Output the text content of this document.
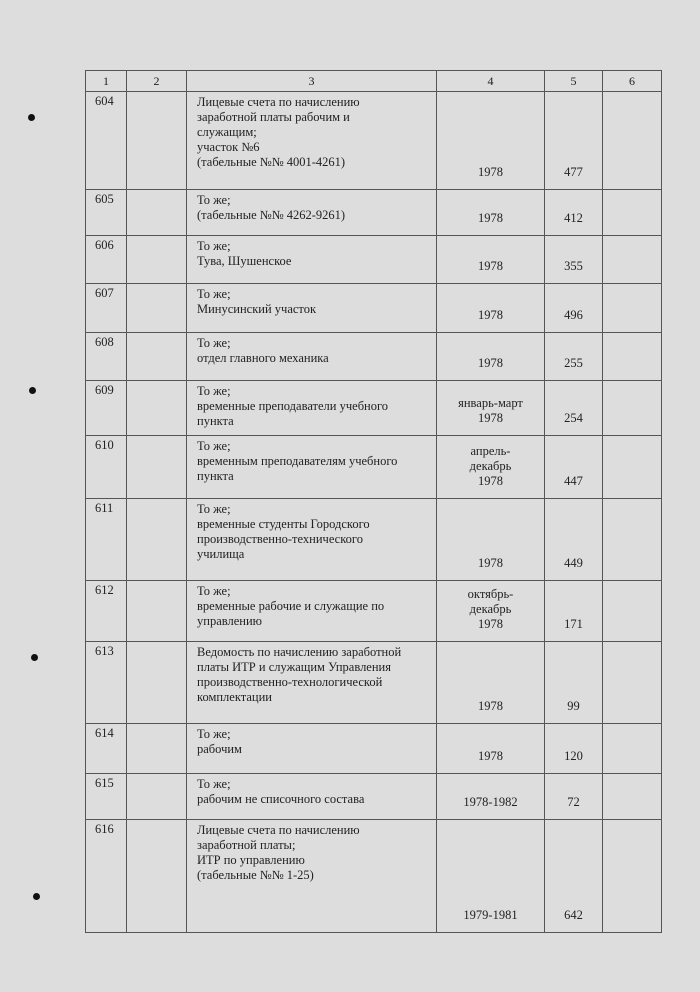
1	2	3	4	5	6
604		Лицевые счета по начислению
заработной платы рабочим и
служащим;
участок №6
(табельные №№ 4001-4261)	1978	477	
605		То же;
(табельные №№ 4262-9261)	1978	412	
606		То же;
Тува, Шушенское	1978	355	
607		То же;
Минусинский участок	1978	496	
608		То же;
отдел главного механика	1978	255	
609		То же;
временные преподаватели учебного
пункта	январь-март
1978	254	
610		То же;
временным преподавателям учебного
пункта	апрель-
декабрь
1978	447	
611		То же;
временные студенты Городского
производственно-технического
училища	1978	449	
612		То же;
временные рабочие и служащие по
управлению	октябрь-
декабрь
1978	171	
613		Ведомость по начислению заработной
платы ИТР и служащим Управления
производственно-технологической
комплектации	1978	99	
614		То же;
рабочим	1978	120	
615		То же;
рабочим не списочного состава	1978-1982	72	
616		Лицевые счета по начислению
заработной платы;
ИТР по управлению
(табельные №№ 1-25)	1979-1981	642	
